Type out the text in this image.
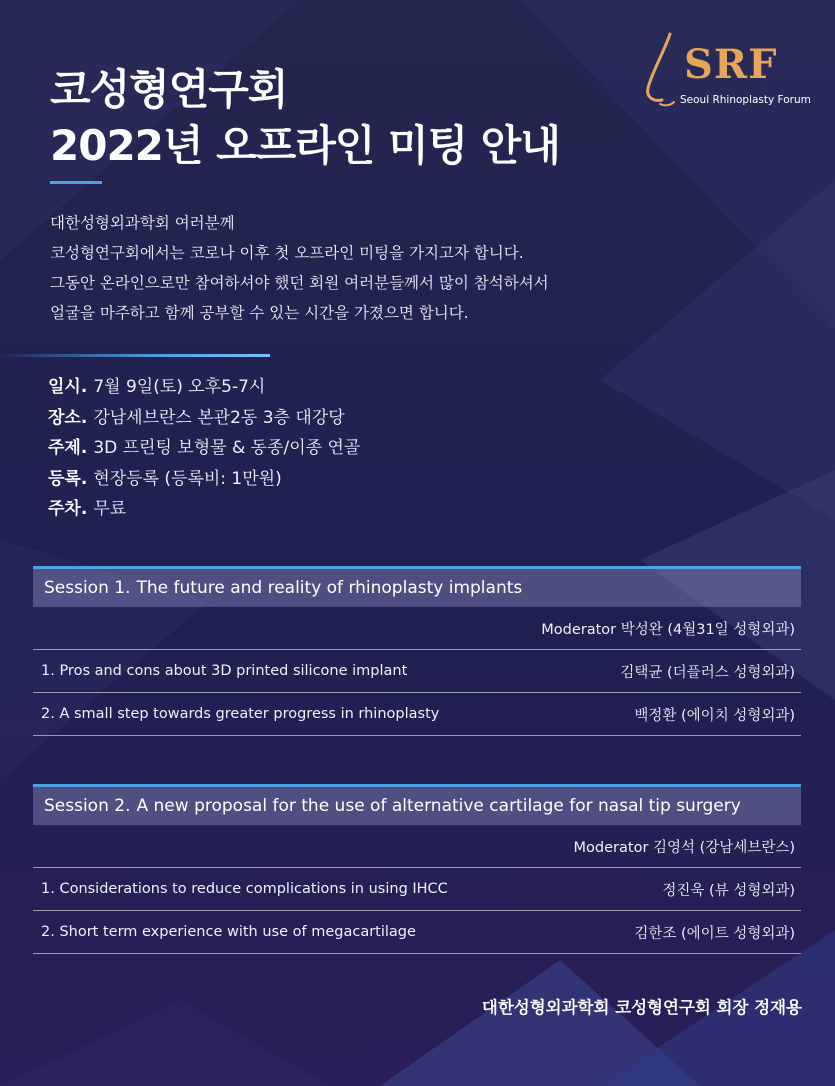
코성형연구회
2022년 오프라인 미팅 안내
SRF
Seoul Rhinoplasty Forum
대한성형외과학회 여러분께
코성형연구회에서는 코로나 이후 첫 오프라인 미팅을 가지고자 합니다.
그동안 온라인으로만 참여하셔야 했던 회원 여러분들께서 많이 참석하셔서
얼굴을 마주하고 함께 공부할 수 있는 시간을 가졌으면 합니다.
일시. 7월 9일(토) 오후5-7시
장소. 강남세브란스 본관2동 3층 대강당
주제. 3D 프린팅 보형물 & 동종/이종 연골
등록. 현장등록 (등록비: 1만원)
주차. 무료
Session 1. The future and reality of rhinoplasty implants
Moderator 박성완 (4월31일 성형외과)
1. Pros and cons about 3D printed silicone implant	김택균 (더플러스 성형외과)
2. A small step towards greater progress in rhinoplasty	백정환 (에이치 성형외과)
Session 2. A new proposal for the use of alternative cartilage for nasal tip surgery
Moderator 김영석 (강남세브란스)
1. Considerations to reduce complications in using IHCC	정진욱 (뷰 성형외과)
2. Short term experience with use of megacartilage	김한조 (에이트 성형외과)
대한성형외과학회 코성형연구회 회장 정재용
